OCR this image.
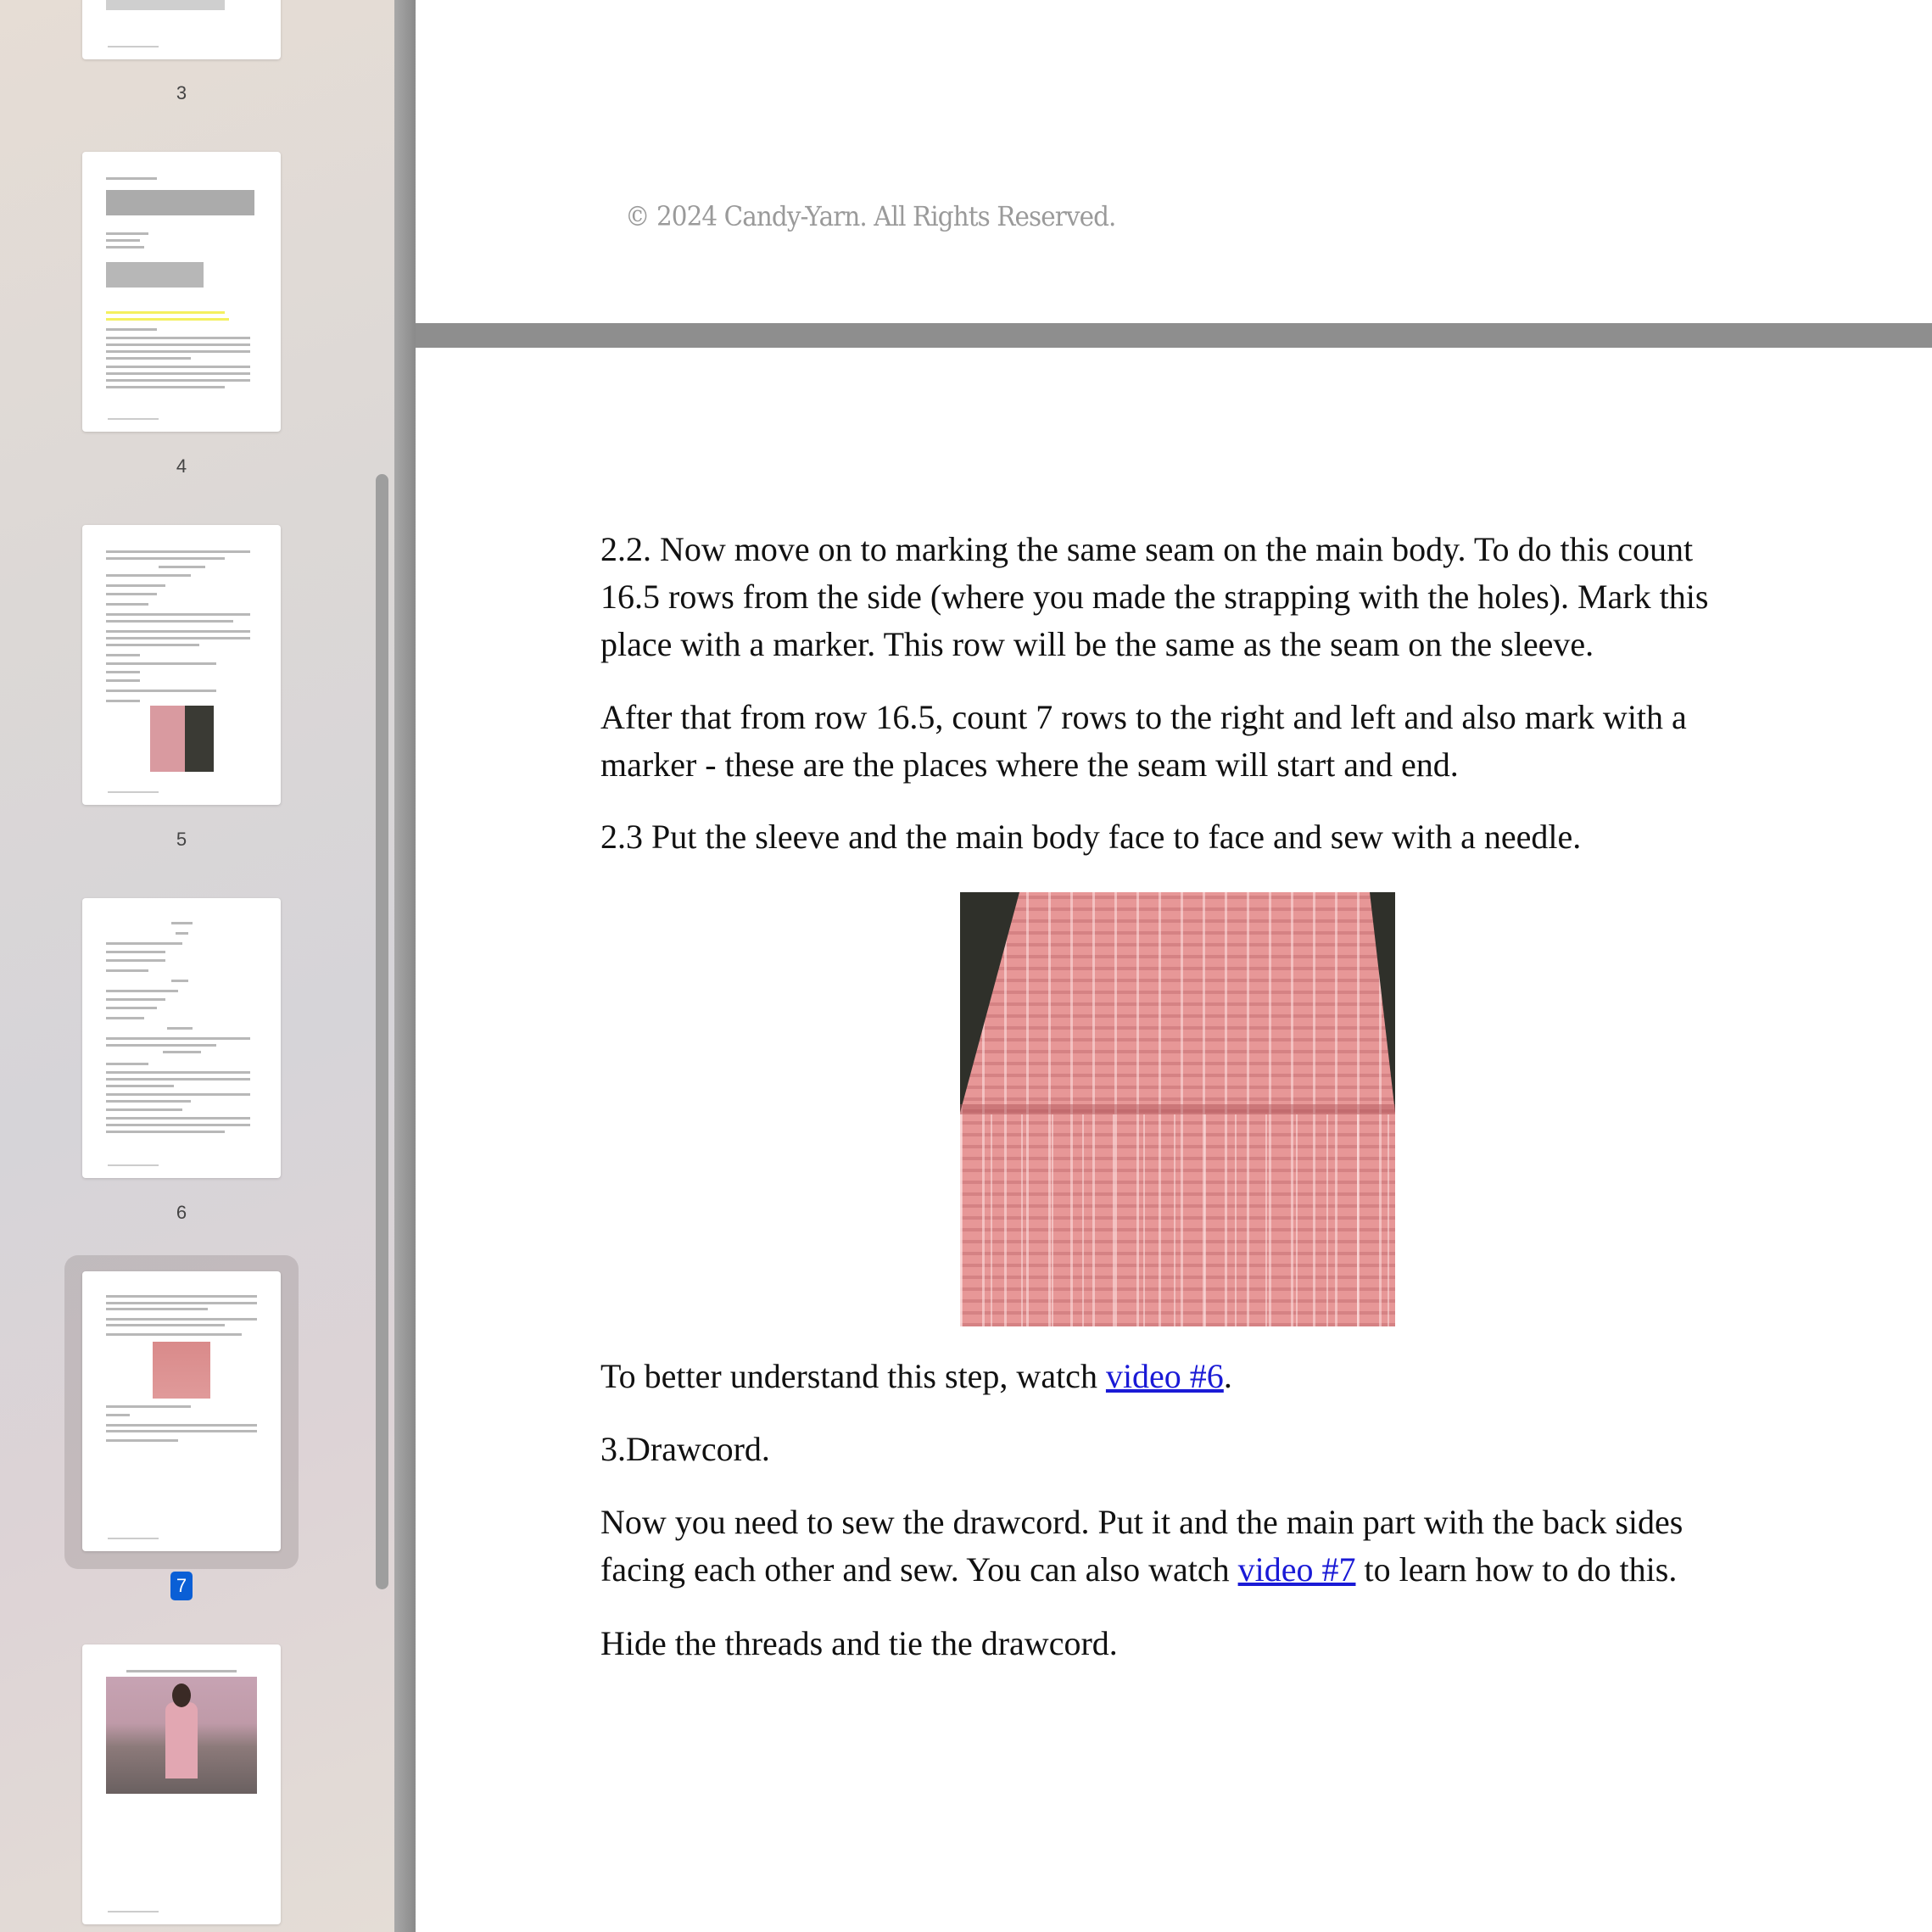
3
4
5
6
7
© 2024 Candy-Yarn. All Rights Reserved.
2.2. Now move on to marking the same seam on the main body. To do this count
16.5 rows from the side (where you made the strapping with the holes). Mark this
place with a marker. This row will be the same as the seam on the sleeve.
After that from row 16.5, count 7 rows to the right and left and also mark with a
marker - these are the places where the seam will start and end.
2.3 Put the sleeve and the main body face to face and sew with a needle.
To better understand this step, watch video #6.
3.Drawcord.
Now you need to sew the drawcord. Put it and the main part with the back sides
facing each other and sew. You can also watch video #7 to learn how to do this.
Hide the threads and tie the drawcord.
